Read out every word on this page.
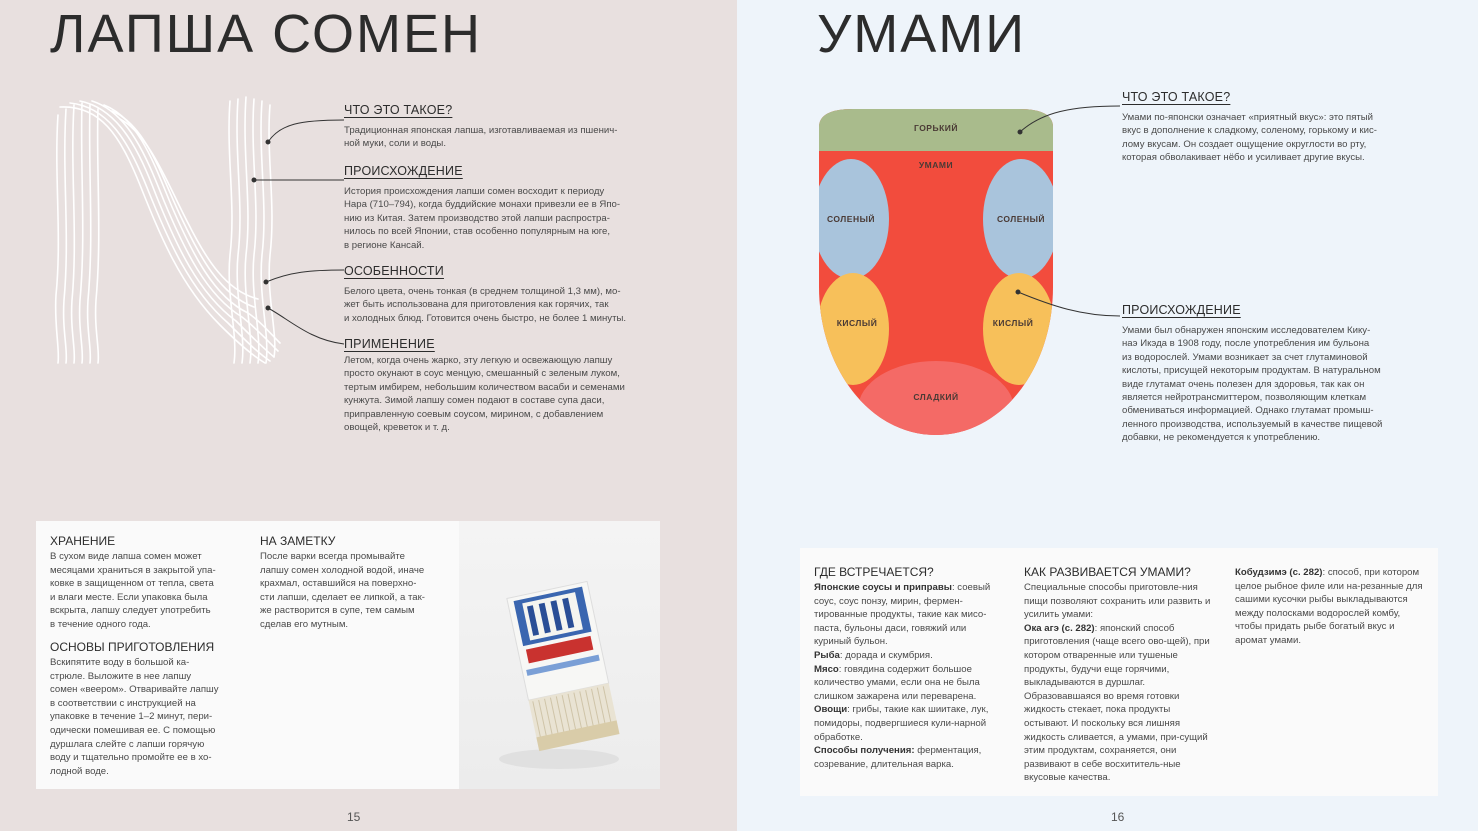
ЛАПША СОМЕН
ЧТО ЭТО ТАКОЕ?
Традиционная японская лапша, изготавливаемая из пшенич-
ной муки, соли и воды.
ПРОИСХОЖДЕНИЕ
История происхождения лапши сомен восходит к периоду
Нара (710–794), когда буддийские монахи привезли ее в Япо-
нию из Китая. Затем производство этой лапши распростра-
нилось по всей Японии, став особенно популярным на юге,
в регионе Кансай.
ОСОБЕННОСТИ
Белого цвета, очень тонкая (в среднем толщиной 1,3 мм), мо-
жет быть использована для приготовления как горячих, так
и холодных блюд. Готовится очень быстро, не более 1 минуты.
ПРИМЕНЕНИЕ
Летом, когда очень жарко, эту легкую и освежающую лапшу
просто окунают в соус менцую, смешанный с зеленым луком,
тертым имбирем, небольшим количеством васаби и семенами
кунжута. Зимой лапшу сомен подают в составе супа даси,
приправленную соевым соусом, мирином, с добавлением
овощей, креветок и т. д.
ХРАНЕНИЕ
В сухом виде лапша сомен может
месяцами храниться в закрытой упа-
ковке в защищенном от тепла, света
и влаги месте. Если упаковка была
вскрыта, лапшу следует употребить
в течение одного года.
ОСНОВЫ ПРИГОТОВЛЕНИЯ
Вскипятите воду в большой ка-
стрюле. Выложите в нее лапшу
сомен «веером». Отваривайте лапшу
в соответствии с инструкцией на
упаковке в течение 1–2 минут, пери-
одически помешивая ее. С помощью
дуршлага слейте с лапши горячую
воду и тщательно промойте ее в хо-
лодной воде.
НА ЗАМЕТКУ
После варки всегда промывайте
лапшу сомен холодной водой, иначе
крахмал, оставшийся на поверхно-
сти лапши, сделает ее липкой, а так-
же растворится в супе, тем самым
сделав его мутным.
15
УМАМИ
ГОРЬКИЙ
УМАМИ
СОЛЕНЫЙ	СОЛЕНЫЙ
КИСЛЫЙ	КИСЛЫЙ
СЛАДКИЙ
ЧТО ЭТО ТАКОЕ?
Умами по-японски означает «приятный вкус»: это пятый
вкус в дополнение к сладкому, соленому, горькому и кис-
лому вкусам. Он создает ощущение округлости во рту,
которая обволакивает нёбо и усиливает другие вкусы.
ПРОИСХОЖДЕНИЕ
Умами был обнаружен японским исследователем Кику-
наэ Икэда в 1908 году, после употребления им бульона
из водорослей. Умами возникает за счет глутаминовой
кислоты, присущей некоторым продуктам. В натуральном
виде глутамат очень полезен для здоровья, так как он
является нейротрансмиттером, позволяющим клеткам
обмениваться информацией. Однако глутамат промыш-
ленного производства, используемый в качестве пищевой
добавки, не рекомендуется к употреблению.
ГДЕ ВСТРЕЧАЕТСЯ?
Японские соусы и приправы: соевый соус, соус понзу, мирин, фермен-тированные продукты, такие как мисо-паста, бульоны даси, говяжий или куриный бульон.
Рыба: дорада и скумбрия.
Мясо: говядина содержит большое количество умами, если она не была слишком зажарена или переварена.
Овощи: грибы, такие как шиитаке, лук, помидоры, подвергшиеся кули-нарной обработке.
Способы получения: ферментация, созревание, длительная варка.
КАК РАЗВИВАЕТСЯ УМАМИ?
Специальные способы приготовле-ния пищи позволяют сохранить или развить и усилить умами:
Ока агэ (с. 282): японский способ приготовления (чаще всего ово-щей), при котором отваренные или тушеные продукты, будучи еще горячими, выкладываются в дуршлаг. Образовавшаяся во время готовки жидкость стекает, пока продукты остывают. И поскольку вся лишняя жидкость сливается, а умами, при-сущий этим продуктам, сохраняется, они развивают в себе восхититель-ные вкусовые качества.
Кобудзимэ (с. 282): способ, при котором целое рыбное филе или на-резанные для сашими кусочки рыбы выкладываются между полосками водорослей комбу, чтобы придать рыбе богатый вкус и аромат умами.
16
